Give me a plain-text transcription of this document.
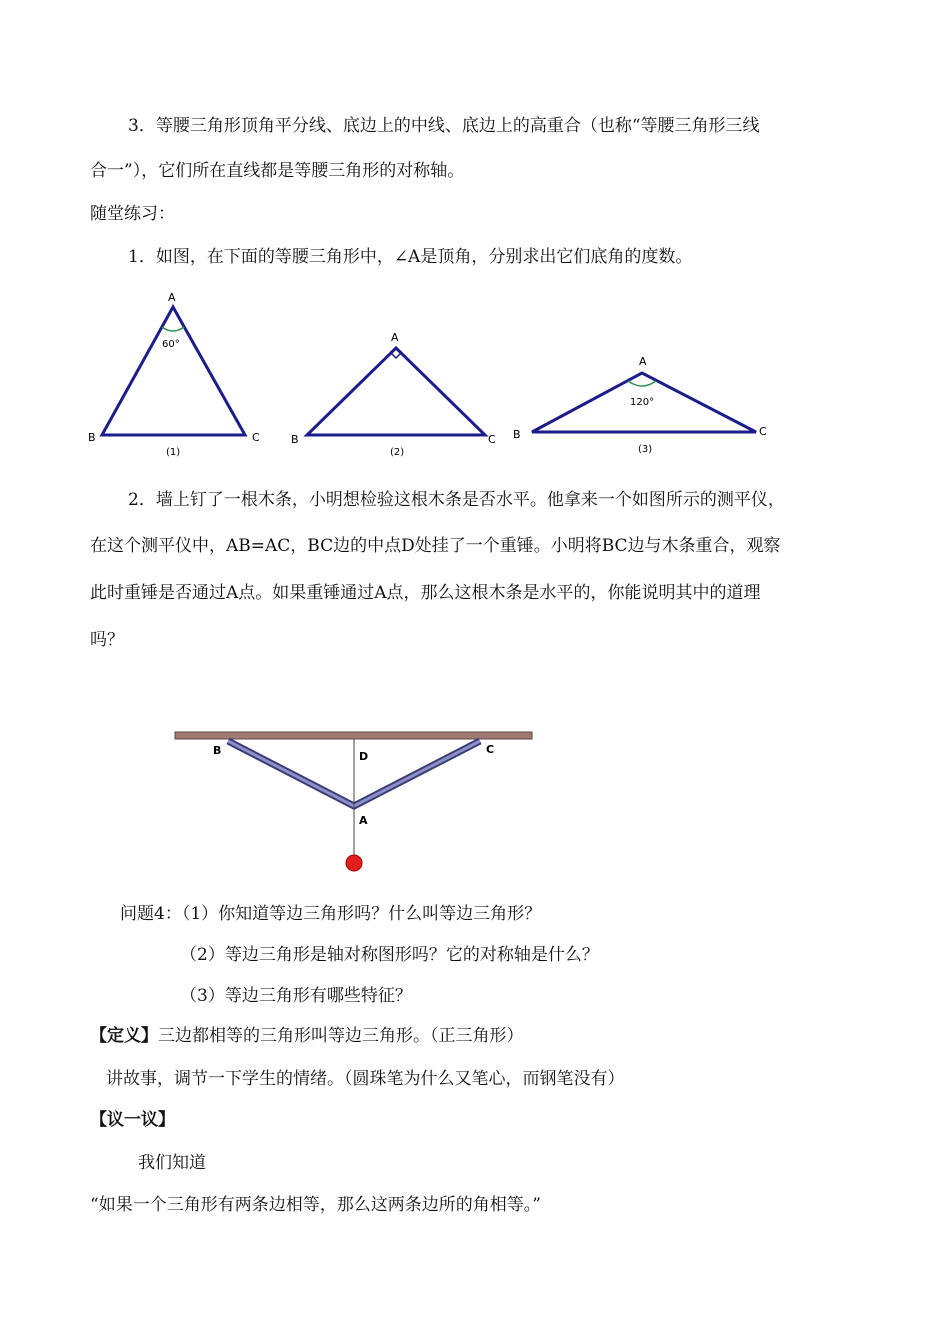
3．等腰三角形顶角平分线、底边上的中线、底边上的高重合（也称“等腰三角形三线
合一”），它们所在直线都是等腰三角形的对称轴。
随堂练习：
1．如图，在下面的等腰三角形中，∠A是顶角，分别求出它们底角的度数。
A
B	C
60°
(1)
A
B	C
(2)
A
B	C
120°
(3)
2．墙上钉了一根木条，小明想检验这根木条是否水平。他拿来一个如图所示的测平仪，
在这个测平仪中，AB=AC，BC边的中点D处挂了一个重锤。小明将BC边与木条重合，观察
此时重锤是否通过A点。如果重锤通过A点，那么这根木条是水平的，你能说明其中的道理
吗？
B	C
D
A
问题4：（1）你知道等边三角形吗？什么叫等边三角形？
（2）等边三角形是轴对称图形吗？它的对称轴是什么？
（3）等边三角形有哪些特征？
【定义】三边都相等的三角形叫等边三角形。（正三角形）
讲故事，调节一下学生的情绪。（圆珠笔为什么又笔心，而钢笔没有）
【议一议】
我们知道
“如果一个三角形有两条边相等，那么这两条边所的角相等。”
